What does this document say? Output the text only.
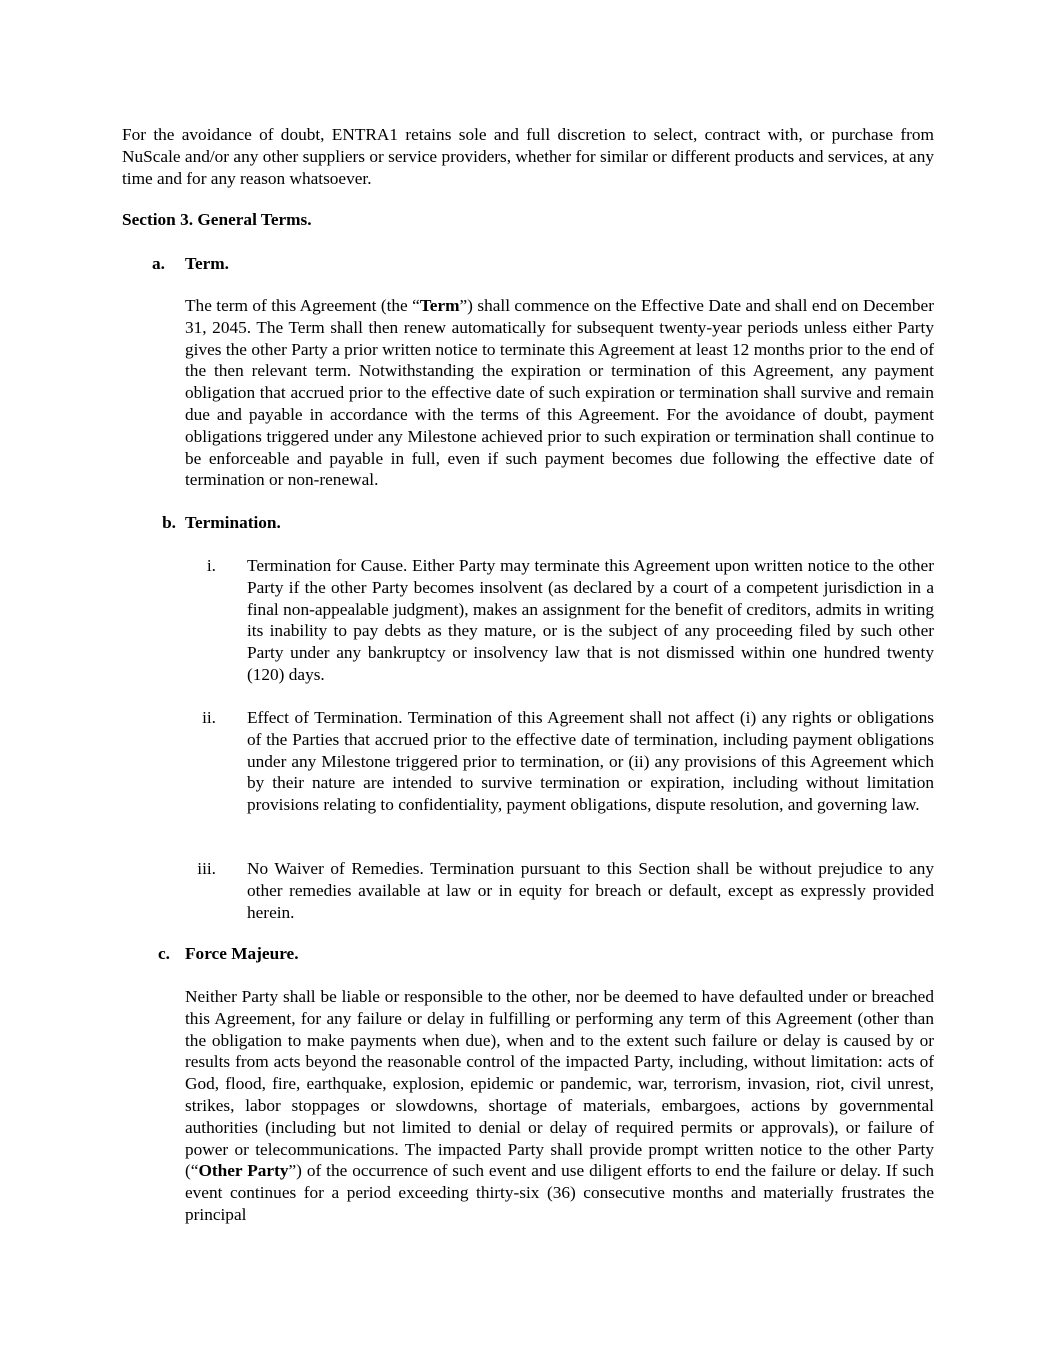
For the avoidance of doubt, ENTRA1 retains sole and full discretion to select, contract with, or purchase from NuScale and/or any other suppliers or service providers, whether for similar or different products and services, at any time and for any reason whatsoever.

Section 3. General Terms.

a. Term.

The term of this Agreement (the “Term”) shall commence on the Effective Date and shall end on December 31, 2045. The Term shall then renew automatically for subsequent twenty-year periods unless either Party gives the other Party a prior written notice to terminate this Agreement at least 12 months prior to the end of the then relevant term. Notwithstanding the expiration or termination of this Agreement, any payment obligation that accrued prior to the effective date of such expiration or termination shall survive and remain due and payable in accordance with the terms of this Agreement. For the avoidance of doubt, payment obligations triggered under any Milestone achieved prior to such expiration or termination shall continue to be enforceable and payable in full, even if such payment becomes due following the effective date of termination or non-renewal.

b. Termination.

i. Termination for Cause. Either Party may terminate this Agreement upon written notice to the other Party if the other Party becomes insolvent (as declared by a court of a competent jurisdiction in a final non-appealable judgment), makes an assignment for the benefit of creditors, admits in writing its inability to pay debts as they mature, or is the subject of any proceeding filed by such other Party under any bankruptcy or insolvency law that is not dismissed within one hundred twenty (120) days.

ii. Effect of Termination. Termination of this Agreement shall not affect (i) any rights or obligations of the Parties that accrued prior to the effective date of termination, including payment obligations under any Milestone triggered prior to termination, or (ii) any provisions of this Agreement which by their nature are intended to survive termination or expiration, including without limitation provisions relating to confidentiality, payment obligations, dispute resolution, and governing law.

iii. No Waiver of Remedies. Termination pursuant to this Section shall be without prejudice to any other remedies available at law or in equity for breach or default, except as expressly provided herein.

c. Force Majeure.

Neither Party shall be liable or responsible to the other, nor be deemed to have defaulted under or breached this Agreement, for any failure or delay in fulfilling or performing any term of this Agreement (other than the obligation to make payments when due), when and to the extent such failure or delay is caused by or results from acts beyond the reasonable control of the impacted Party, including, without limitation: acts of God, flood, fire, earthquake, explosion, epidemic or pandemic, war, terrorism, invasion, riot, civil unrest, strikes, labor stoppages or slowdowns, shortage of materials, embargoes, actions by governmental authorities (including but not limited to denial or delay of required permits or approvals), or failure of power or telecommunications. The impacted Party shall provide prompt written notice to the other Party (“Other Party”) of the occurrence of such event and use diligent efforts to end the failure or delay. If such event continues for a period exceeding thirty-six (36) consecutive months and materially frustrates the principal
